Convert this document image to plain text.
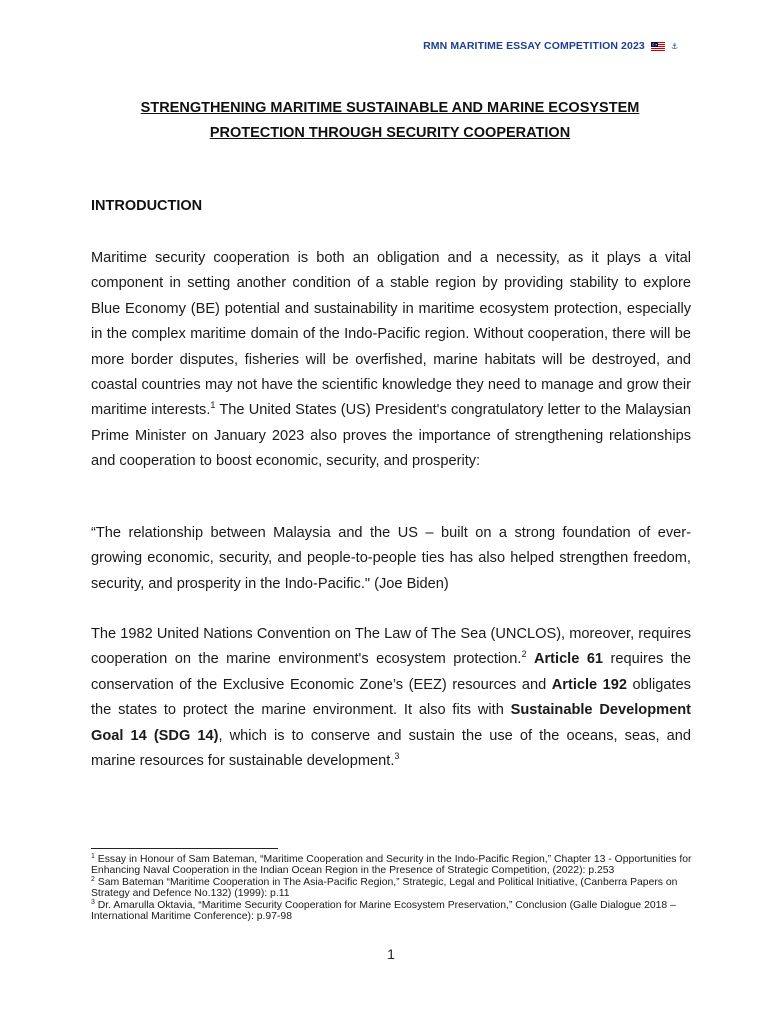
RMN MARITIME ESSAY COMPETITION 2023	⚓
STRENGTHENING MARITIME SUSTAINABLE AND MARINE ECOSYSTEM
PROTECTION THROUGH SECURITY COOPERATION
INTRODUCTION
Maritime security cooperation is both an obligation and a necessity, as it plays a vital component in setting another condition of a stable region by providing stability to explore Blue Economy (BE) potential and sustainability in maritime ecosystem protection, especially in the complex maritime domain of the Indo-Pacific region. Without cooperation, there will be more border disputes, fisheries will be overfished, marine habitats will be destroyed, and coastal countries may not have the scientific knowledge they need to manage and grow their maritime interests.$^1$ The United States (US) President's congratulatory letter to the Malaysian Prime Minister on January 2023 also proves the importance of strengthening relationships and cooperation to boost economic, security, and prosperity:
“The relationship between Malaysia and the US – built on a strong foundation of ever-growing economic, security, and people-to-people ties has also helped strengthen freedom, security, and prosperity in the Indo-Pacific." (Joe Biden)
The 1982 United Nations Convention on The Law of The Sea (UNCLOS), moreover, requires cooperation on the marine environment's ecosystem protection.$^2$ Article 61 requires the conservation of the Exclusive Economic Zone’s (EEZ) resources and Article 192 obligates the states to protect the marine environment. It also fits with Sustainable Development Goal 14 (SDG 14), which is to conserve and sustain the use of the oceans, seas, and marine resources for sustainable development.$^3$

$^1$ Essay in Honour of Sam Bateman, “Maritime Cooperation and Security in the Indo-Pacific Region,” Chapter 13 - Opportunities for Enhancing Naval Cooperation in the Indian Ocean Region in the Presence of Strategic Competition, (2022): p.253

$^2$ Sam Bateman “Maritime Cooperation in The Asia-Pacific Region,” Strategic, Legal and Political Initiative, (Canberra Papers on Strategy and Defence No.132) (1999): p.11

$^3$ Dr. Amarulla Oktavia, “Maritime Security Cooperation for Marine Ecosystem Preservation,” Conclusion (Galle Dialogue 2018 – International Maritime Conference): p.97-98

1
